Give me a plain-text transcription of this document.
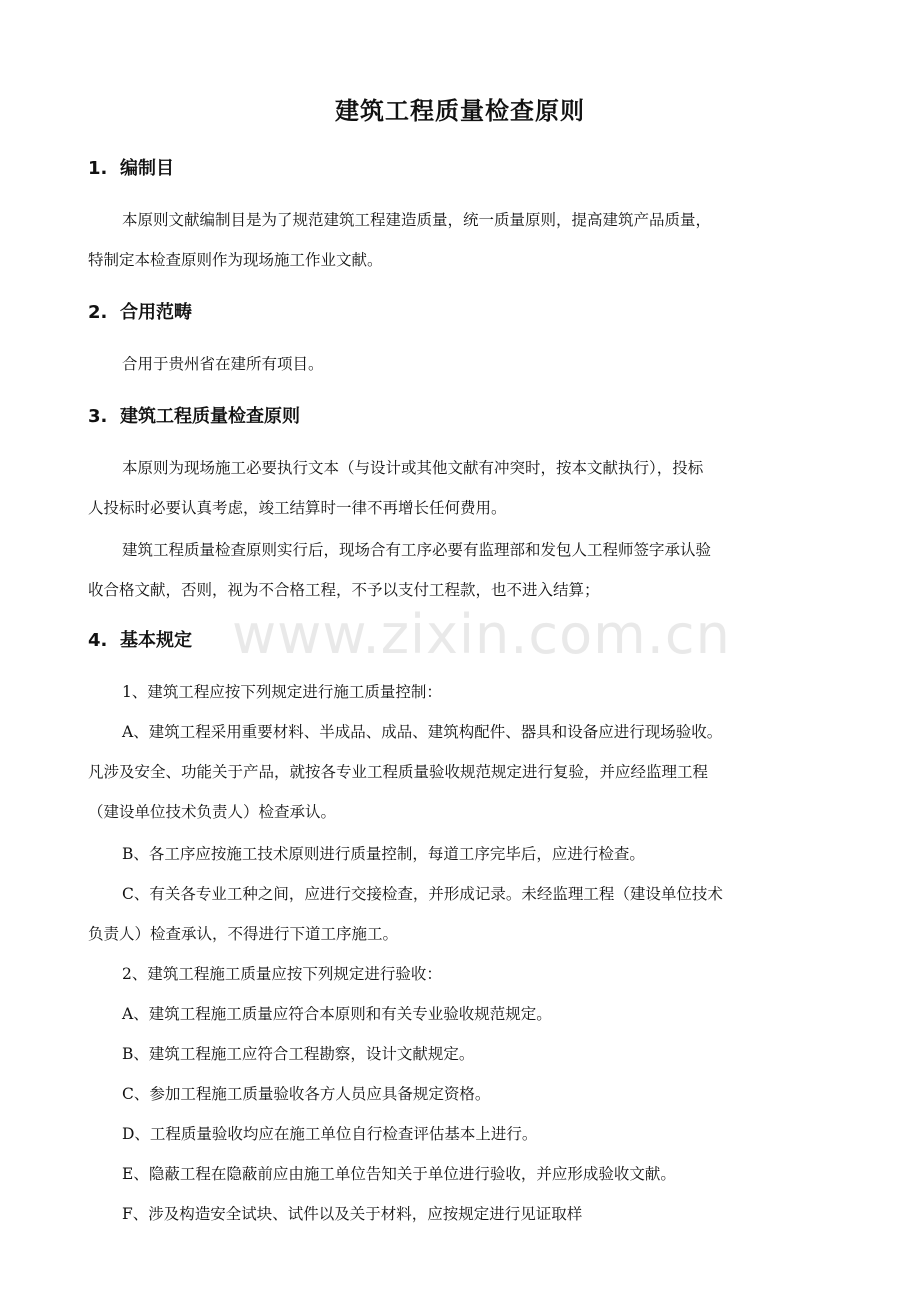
www.zixin.com.cn
建筑工程质量检查原则
1. 编制目
本原则文献编制目是为了规范建筑工程建造质量，统一质量原则，提高建筑产品质量，
特制定本检查原则作为现场施工作业文献。
2. 合用范畴
合用于贵州省在建所有项目。
3. 建筑工程质量检查原则
本原则为现场施工必要执行文本（与设计或其他文献有冲突时，按本文献执行），投标
人投标时必要认真考虑，竣工结算时一律不再增长任何费用。
建筑工程质量检查原则实行后，现场合有工序必要有监理部和发包人工程师签字承认验
收合格文献，否则，视为不合格工程，不予以支付工程款，也不进入结算；
4. 基本规定
1、建筑工程应按下列规定进行施工质量控制：
A、建筑工程采用重要材料、半成品、成品、建筑构配件、器具和设备应进行现场验收。
凡涉及安全、功能关于产品，就按各专业工程质量验收规范规定进行复验，并应经监理工程
（建设单位技术负责人）检查承认。
B、各工序应按施工技术原则进行质量控制，每道工序完毕后，应进行检查。
C、有关各专业工种之间，应进行交接检查，并形成记录。未经监理工程（建设单位技术
负责人）检查承认，不得进行下道工序施工。
2、建筑工程施工质量应按下列规定进行验收：
A、建筑工程施工质量应符合本原则和有关专业验收规范规定。
B、建筑工程施工应符合工程勘察，设计文献规定。
C、参加工程施工质量验收各方人员应具备规定资格。
D、工程质量验收均应在施工单位自行检查评估基本上进行。
E、隐蔽工程在隐蔽前应由施工单位告知关于单位进行验收，并应形成验收文献。
F、涉及构造安全试块、试件以及关于材料，应按规定进行见证取样
